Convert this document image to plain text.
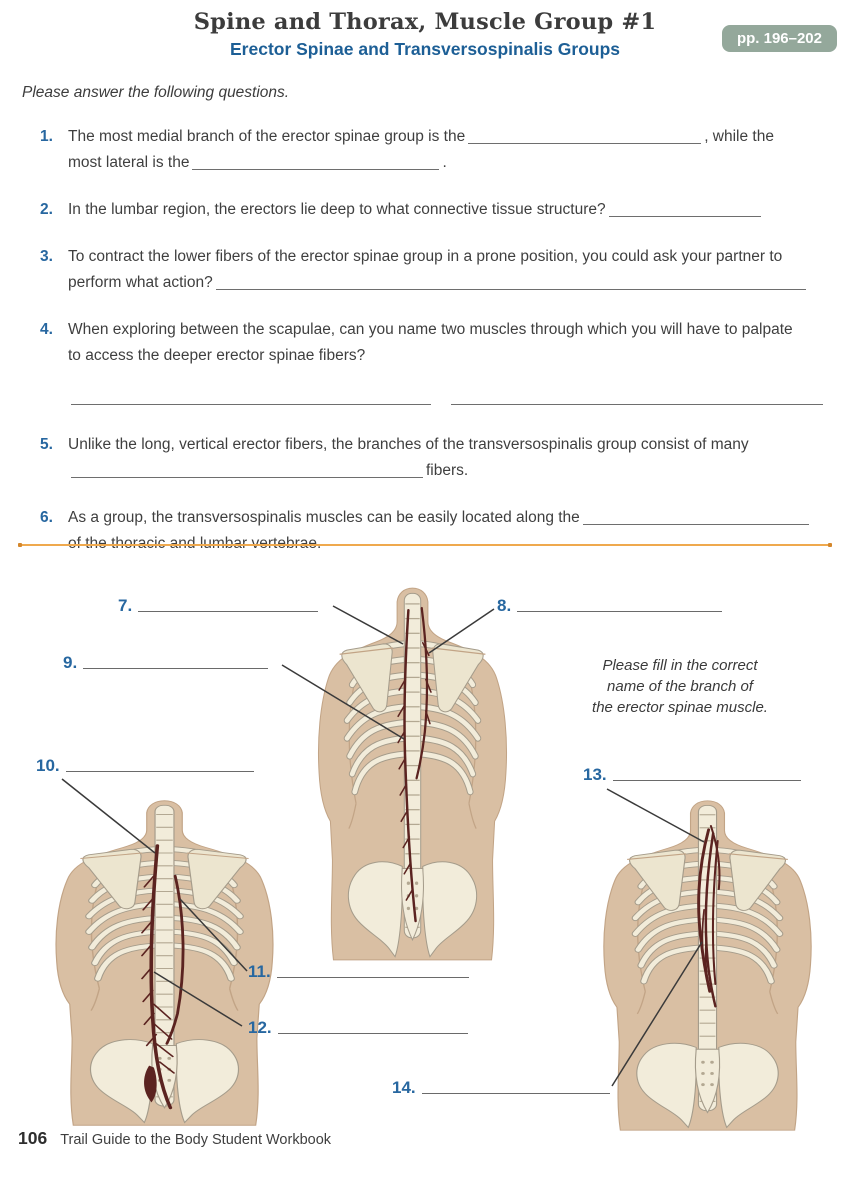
Spine and Thorax, Muscle Group #1
Erector Spinae and Transversospinalis Groups
pp. 196–202
Please answer the following questions.
1. The most medial branch of the erector spinae group is the	, while the
most lateral is the	.
2. In the lumbar region, the erectors lie deep to what connective tissue structure?
3. To contract the lower fibers of the erector spinae group in a prone position, you could ask your partner to
perform what action?
4. When exploring between the scapulae, can you name two muscles through which you will have to palpate
to access the deeper erector spinae fibers?
5. Unlike the long, vertical erector fibers, the branches of the transversospinalis group consist of many
fibers.
6. As a group, the transversospinalis muscles can be easily located along the
7.	8.
9.
10.
11.
12.
13.
14.
Please fill in the correct
name of the branch of
the erector spinae muscle.
106 Trail Guide to the Body Student Workbook
